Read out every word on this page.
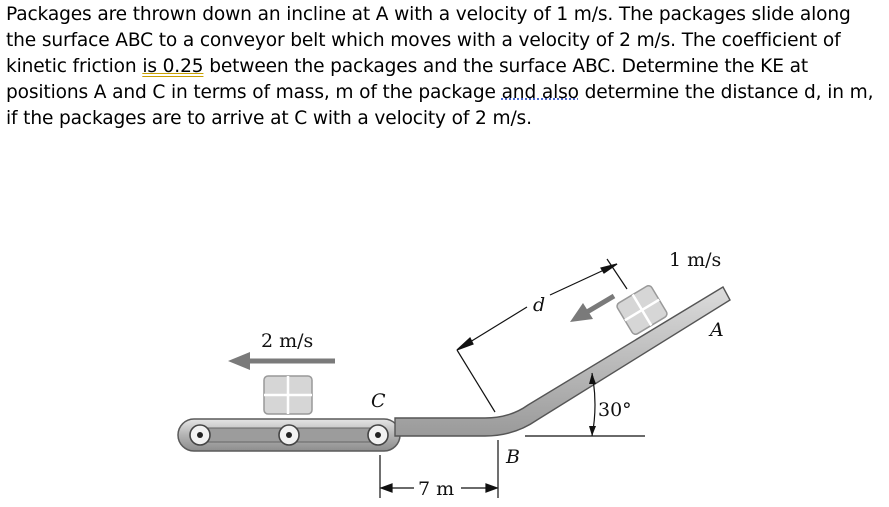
Packages are thrown down an incline at A with a velocity of 1 m/s. The packages slide along the surface ABC to a conveyor belt which moves with a velocity of 2 m/s. The coefficient of kinetic friction is 0.25 between the packages and the surface ABC. Determine the KE at positions A and C in terms of mass, m of the package and also determine the distance d, in m, if the packages are to arrive at C with a velocity of 2 m/s.

2 m/s
1 m/s
A
B
C
d
30°
7 m
